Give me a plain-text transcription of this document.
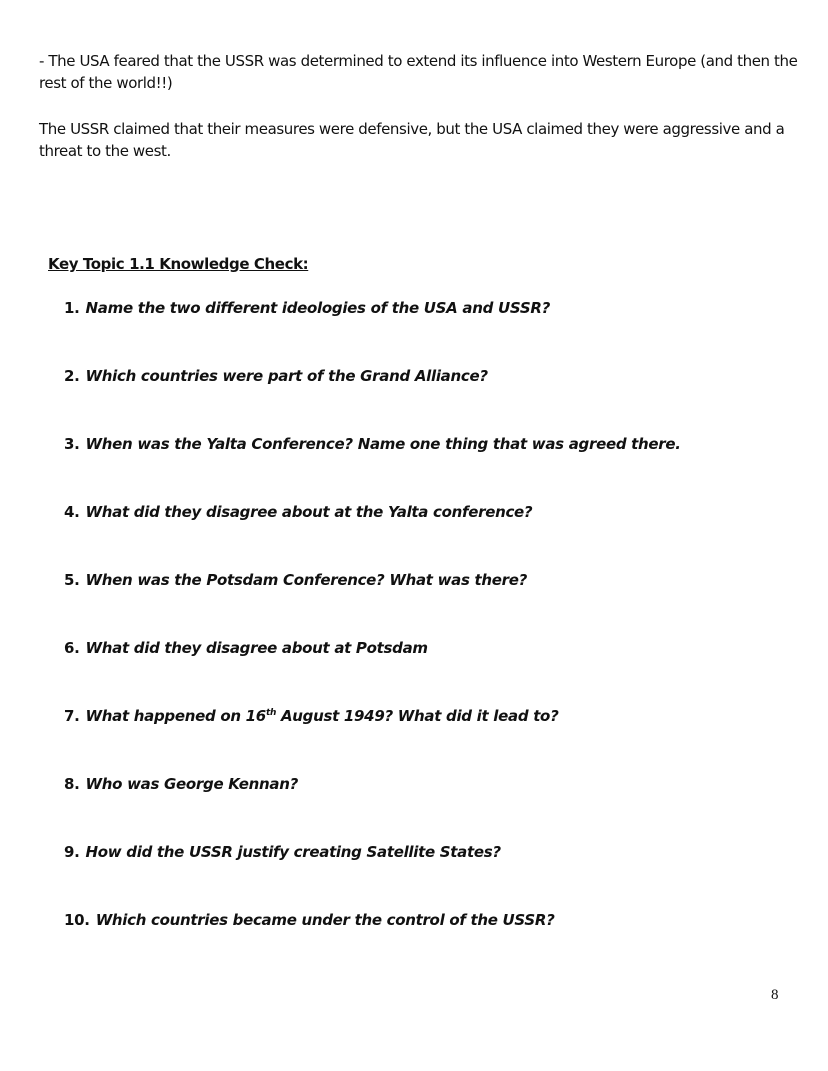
- The USA feared that the USSR was determined to extend its influence into Western Europe (and then the rest of the world!!)
The USSR claimed that their measures were defensive, but the USA claimed they were aggressive and a threat to the west.
Key Topic 1.1 Knowledge Check:
1. Name the two different ideologies of the USA and USSR?
2. Which countries were part of the Grand Alliance?
3. When was the Yalta Conference? Name one thing that was agreed there.
4. What did they disagree about at the Yalta conference?
5. When was the Potsdam Conference? What was there?
6. What did they disagree about at Potsdam
7. What happened on 16th August 1949? What did it lead to?
8. Who was George Kennan?
9. How did the USSR justify creating Satellite States?
10. Which countries became under the control of the USSR?
8
